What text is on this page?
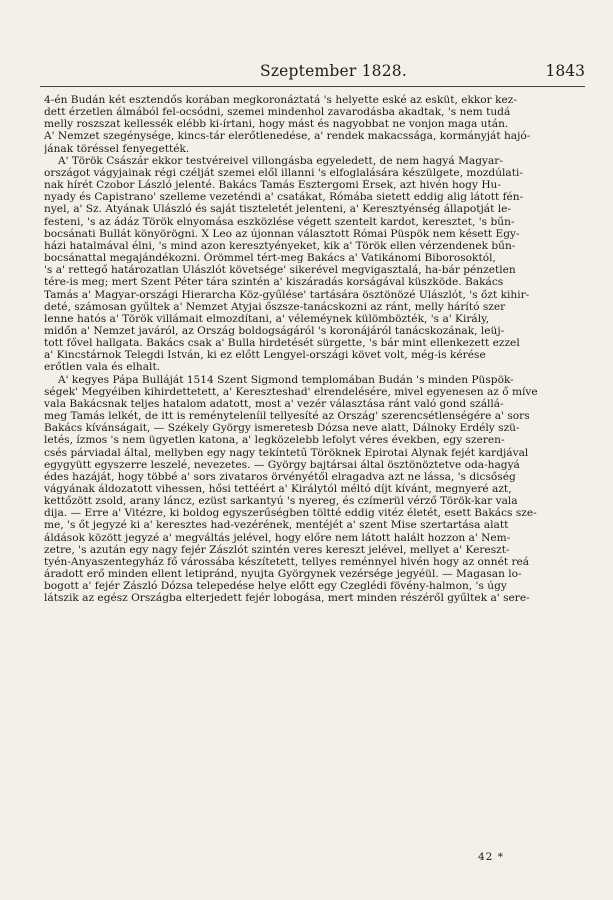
Szeptember 1828.	1843

4-én Budán két esztendős korában megkoronáztatá 's helyette eské az esküt, ekkor kez-
dett érzetlen álmából fel-ocsódni, szemei mindenhol zavarodásba akadtak, 's nem tudá
melly roszszat kellessék elébb ki-írtani, hogy mást és nagyobbat ne vonjon maga után.
A' Nemzet szegénysége, kincs-tár elerőtlenedése, a' rendek makacssága, kormányját hajó-
jának töréssel fenyegették.

A' Török Császár ekkor testvéreivel villongásba egyeledett, de nem hagyá Magyar-
országot vágyjainak régi czélját szemei elől illanni 's elfoglalására készülgete, mozdúlati-
nak hírét Czobor László jelenté. Bakács Tamás Esztergomi Érsek, azt hivén hogy Hu-
nyady és Capistrano' szelleme vezeténdi a' csatákat, Rómába sietett eddig alig látott fén-
nyel, a' Sz. Atyának Ulászló és saját tiszteletét jelenteni, a' Keresztyénség állapotját le-
festeni, 's az ádáz Török elnyomása eszközlése végett szentelt kardot, keresztet, 's bűn-
bocsánati Bullát könyörögni. X Leo az újonnan választott Római Püspök nem késett Egy-
házi hatalmával élni, 's mind azon keresztyényeket, kik a' Török ellen vérzendenek bűn-
bocsánattal megajándékozni. Örömmel tért-meg Bakács a' Vatikánomi Biborosoktól,
's a' rettegő határozatlan Ulászlót követsége' sikerével megvigasztalá, ha-bár pénzetlen
tére-is meg; mert Szent Péter tára szintén a' kiszáradás korságával küszköde. Bakács
Tamás a' Magyar-országi Hierarcha Köz-gyűlése' tartására ösztönözé Ulászlót, 's őzt kihir-
deté, számosan gyűltek a' Nemzet Atyjai őszsze-tanácskozni az ránt, melly hárító szer
lenne hatós a' Török villámait elmozdítani, a' véleméynek külömbözték, 's a' Király,
midőn a' Nemzet javáról, az Ország boldogságáról 's koronájáról tanácskozának, leüj-
tott fővel hallgata. Bakács csak a' Bulla hirdetését sürgette, 's bár mint ellenkezett ezzel
a' Kincstárnok Telegdi István, ki ez előtt Lengyel-országi követ volt, még-is kérése
erőtlen vala és elhalt.

A' kegyes Pápa Bulláját 1514 Szent Sigmond templomában Budán 's minden Püspök-
ségek' Megyéiben kihirdettetett, a' Kereszteshad' elrendelésére, mivel egyenesen az ő míve
vala Bakácsnak teljes hatalom adatott, most a' vezér választása ránt való gond szállá-
meg Tamás lelkét, de itt is reményteleníil tellyesíté az Ország' szerencsétlenségére a' sors
Bakács kívánságait, — Székely György ismeretesb Dózsa neve alatt, Dálnoky Erdély szü-
letés, ízmos 's nem ügyetlen katona, a' legközelebb lefolyt véres években, egy szeren-
csés párviadal által, mellyben egy nagy tekíntetű Töröknek Epirotai Alynak fejét kardjával
egygyütt egyszerre leszelé, nevezetes. — György bajtársai által ösztönöztetve oda-hagyá
édes hazáját, hogy többé a' sors zivataros örvényétől elragadva azt ne lássa, 's dicsőség
vágyának áldozatott vihessen, hősi tettéért a' Királytól méltó díjt kívánt, megnyeré azt,
kettőzött zsold, arany láncz, ezüst sarkantyú 's nyereg, és czímerül vérző Török-kar vala
dija. — Erre a' Vitézre, ki boldog egyszerűségben töltté eddig vitéz életét, esett Bakács sze-
me, 's őt jegyzé ki a' keresztes had-vezérének, mentéjét a' szent Mise szertartása alatt
áldások között jegyzé a' megváltás jelével, hogy előre nem látott halált hozzon a' Nem-
zetre, 's azután egy nagy fejér Zászlót szintén veres kereszt jelével, mellyet a' Kereszt-
tyén-Anyaszentegyház fő várossába készítetett, tellyes reménnyel hivén hogy az onnét reá
áradott erő minden ellent letipránd, nyujta Györgynek vezérsége jegyéül. — Magasan lo-
bogott a' fejér Zászló Dózsa telepedése helye előtt egy Czeglédi fövény-halmon, 's úgy
látszik az egész Országba elterjedett fejér lobogása, mert minden részéről gyűltek a' sere-

42 *
